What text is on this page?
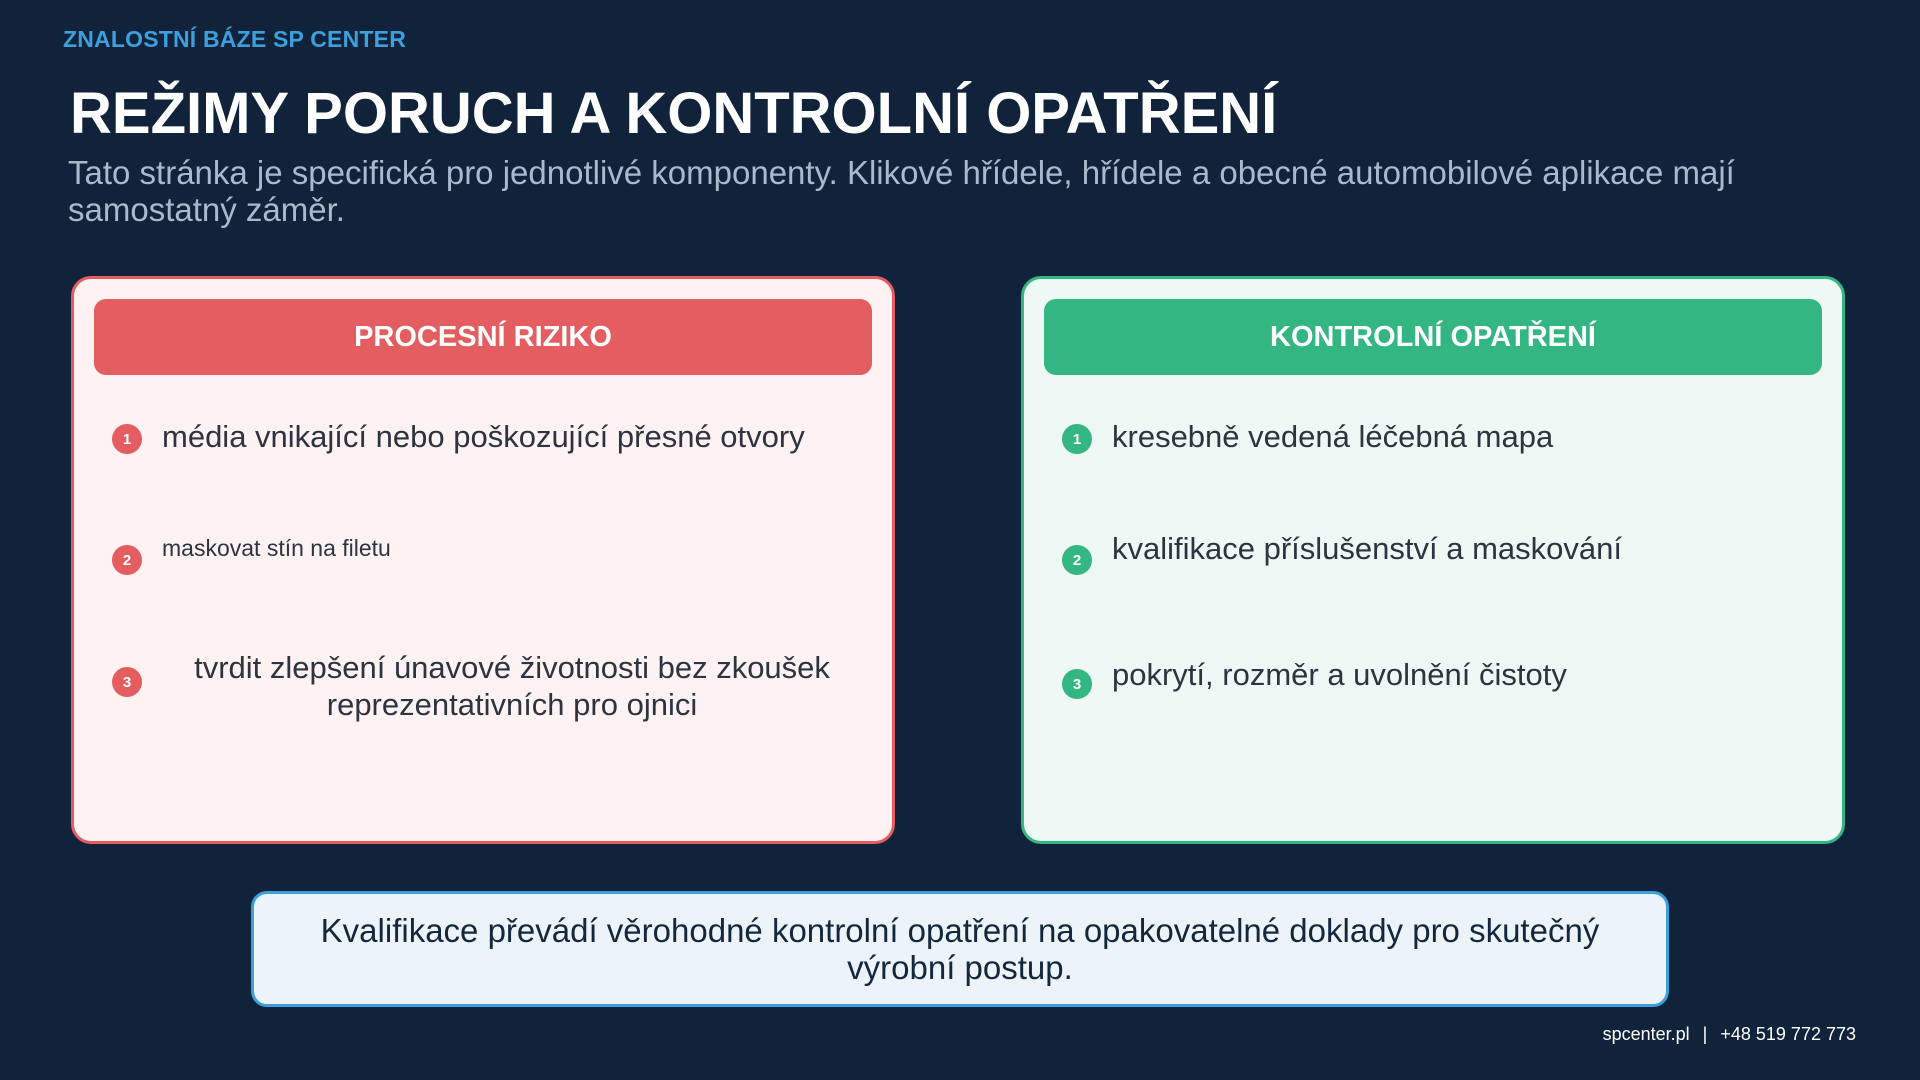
ZNALOSTNÍ BÁZE SP CENTER
REŽIMY PORUCH A KONTROLNÍ OPATŘENÍ

Tato stránka je specifická pro jednotlivé komponenty. Klikové hřídele, hřídele a obecné automobilové aplikace mají samostatný záměr.

PROCESNÍ RIZIKO
1 média vnikající nebo poškozující přesné otvory
2	maskovat stín na filetu
3	tvrdit zlepšení únavové životnosti bez zkoušek reprezentativních pro ojnici
KONTROLNÍ OPATŘENÍ
1 kresebně vedená léčebná mapa
2 kvalifikace příslušenství a maskování
3 pokrytí, rozměr a uvolnění čistoty
Kvalifikace převádí věrohodné kontrolní opatření na opakovatelné doklady pro skutečný výrobní postup.
spcenter.pl | +48 519 772 773
